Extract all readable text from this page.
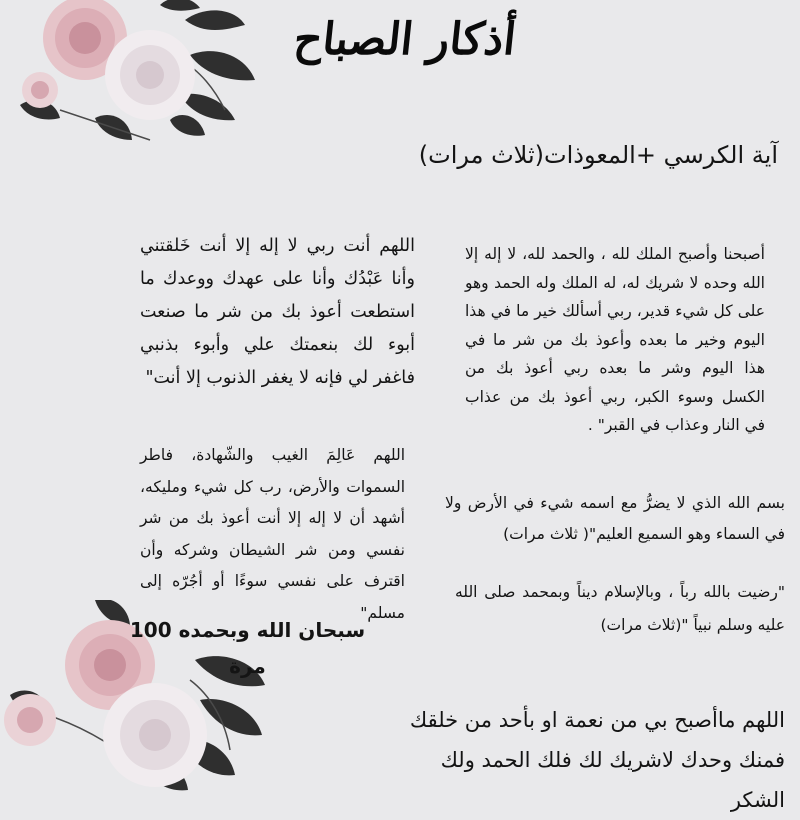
أذكار الصباح
آية الكرسي +المعوذات(ثلاث مرات)

أصبحنا وأصبح الملك لله ، والحمد لله، لا إله إلا الله وحده لا شريك له، له الملك وله الحمد وهو على كل شيء قدير، ربي أسألك خير ما في هذا اليوم وخير ما بعده وأعوذ بك من شر ما في هذا اليوم وشر ما بعده ربي أعوذ بك من الكسل وسوء الكبر، ربي أعوذ بك من عذاب في النار وعذاب في القبر" .

اللهم أنت ربي لا إله إلا أنت خَلقتني وأنا عَبْدُك وأنا على عهدك ووعدك ما استطعت أعوذ بك من شر ما صنعت أبوء لك بنعمتك علي وأبوء بذنبي فاغفر لي فإنه لا يغفر الذنوب إلا أنت"

اللهم عَالِمَ الغيب والشّهادة، فاطر السموات والأرض، رب كل شيء ومليكه، أشهد أن لا إله إلا أنت أعوذ بك من شر نفسي ومن شر الشيطان وشركه وأن اقترف على نفسي سوءًا أو أجُرّه إلى مسلم"

بسم الله الذي لا يضرُّ مع اسمه شيء في الأرض ولا في السماء وهو السميع العليم"( ثلاث مرات)

"رضيت بالله رباً ، وبالإسلام ديناً وبمحمد صلى الله عليه وسلم نبياً "(ثلاث مرات)

سبحان الله وبحمده 100 مرة
اللهم ماأصبح بي من نعمة او بأحد من خلقك فمنك وحدك لاشريك لك فلك الحمد ولك الشكر
